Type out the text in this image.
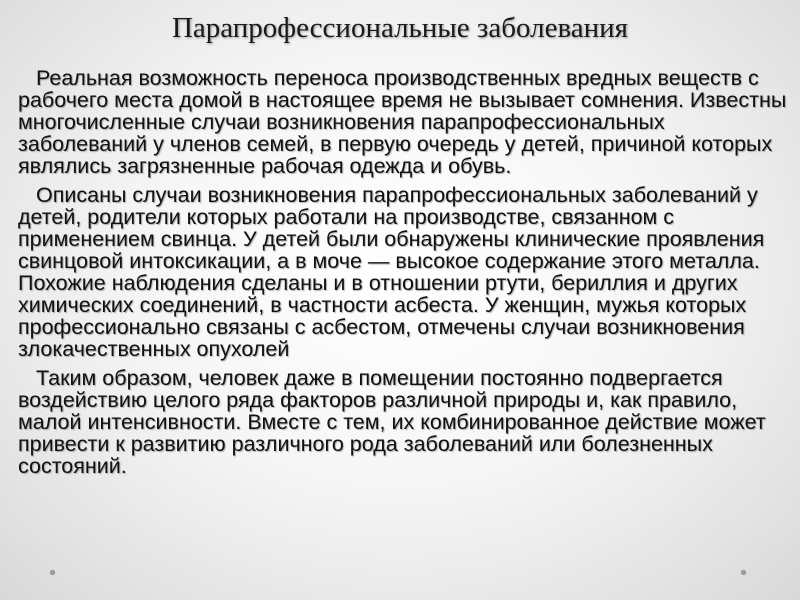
Парапрофессиональные заболевания

Реальная возможность переноса производственных вредных веществ с рабочего места домой в настоящее время не вызывает сомнения. Известны многочисленные случаи возникновения парапрофессиональных заболеваний у членов семей, в первую очередь у детей, причиной которых являлись загрязненные рабочая одежда и обувь.

Описаны случаи возникновения парапрофессиональных заболеваний у детей, родители которых работали на производстве, связанном с применением свинца. У детей были обнаружены клинические проявления свинцовой интоксикации, а в моче — высокое содержание этого металла. Похожие наблюдения сделаны и в отношении ртути, бериллия и других химических соединений, в частности асбеста. У женщин, мужья которых профессионально связаны с асбестом, отмечены случаи возникновения злокачественных опухолей

Таким образом, человек даже в помещении постоянно подвергается воздействию целого ряда факторов различной природы и, как правило, малой интенсивности. Вместе с тем, их комбинированное действие может привести к развитию различного рода заболеваний или болезненных состояний.
